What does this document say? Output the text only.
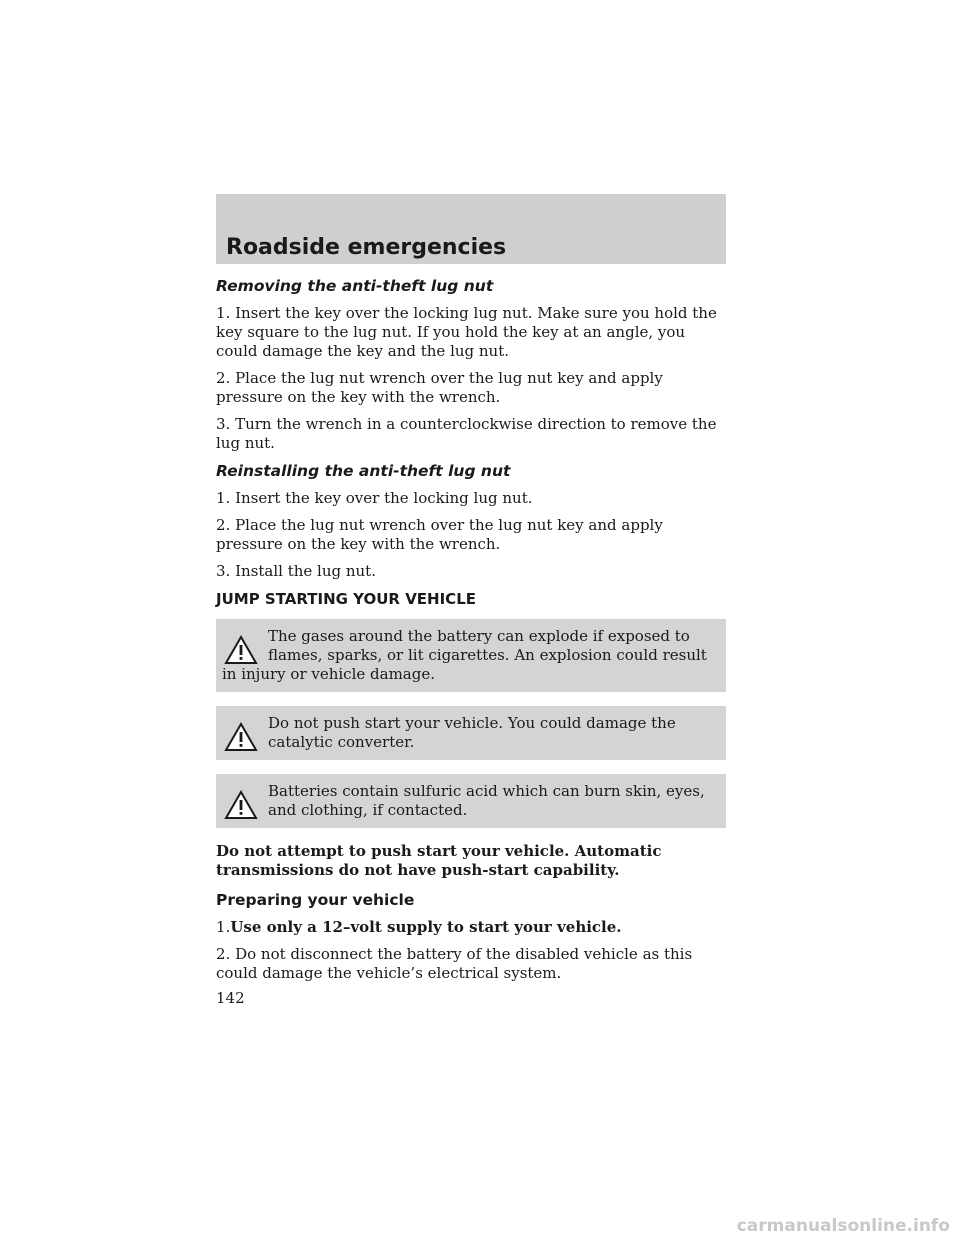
Roadside emergencies
Removing the anti-theft lug nut

1. Insert the key over the locking lug nut. Make sure you hold the key square to the lug nut. If you hold the key at an angle, you could damage the key and the lug nut.

2. Place the lug nut wrench over the lug nut key and apply pressure on the key with the wrench.

3. Turn the wrench in a counterclockwise direction to remove the lug nut.

Reinstalling the anti-theft lug nut

1. Insert the key over the locking lug nut.

2. Place the lug nut wrench over the lug nut key and apply pressure on the key with the wrench.

3. Install the lug nut.

JUMP STARTING YOUR VEHICLE

The gases around the battery can explode if exposed to flames, sparks, or lit cigarettes. An explosion could result in injury or vehicle damage.

Do not push start your vehicle. You could damage the catalytic converter.

Batteries contain sulfuric acid which can burn skin, eyes, and clothing, if contacted.

Do not attempt to push start your vehicle. Automatic transmissions do not have push-start capability.

Preparing your vehicle

1.Use only a 12–volt supply to start your vehicle.

2. Do not disconnect the battery of the disabled vehicle as this could damage the vehicle’s electrical system.

142
carmanualsonline.info
